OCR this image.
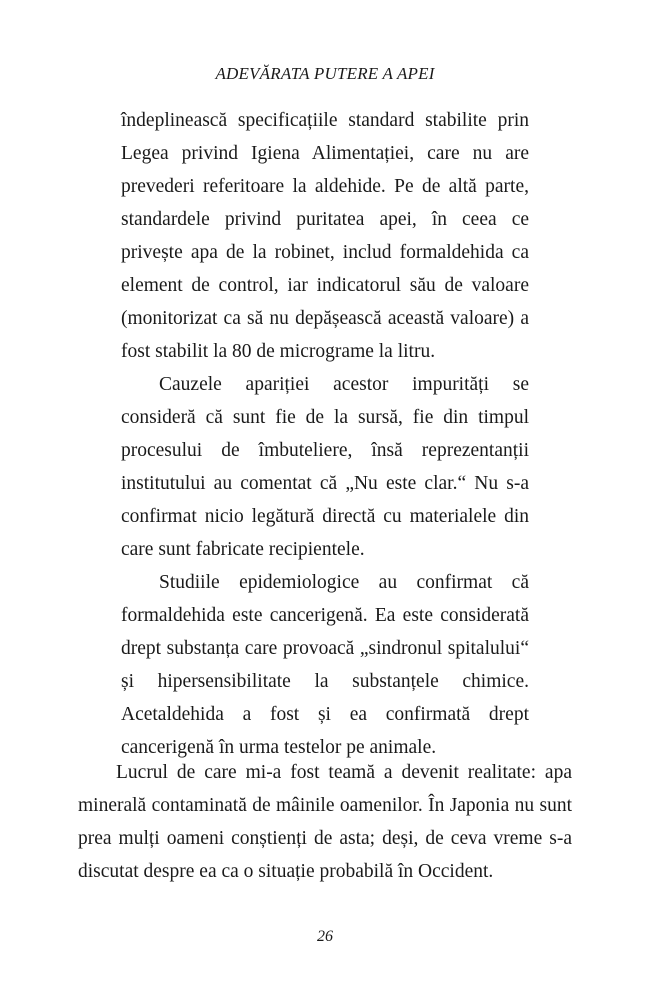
ADEVĂRATA PUTERE A APEI

îndeplinească specificațiile standard stabilite prin Legea privind Igiena Alimentației, care nu are prevederi referitoare la aldehide. Pe de altă parte, standardele privind puritatea apei, în ceea ce privește apa de la robinet, includ formaldehida ca element de control, iar indicatorul său de valoare (monitorizat ca să nu depășească această valoare) a fost stabilit la 80 de micrograme la litru.

Cauzele apariției acestor impurități se consideră că sunt fie de la sursă, fie din timpul procesului de îmbuteliere, însă reprezentanții institutului au comentat că „Nu este clar.“ Nu s-a confirmat nicio legătură directă cu materialele din care sunt fabricate recipientele.

Studiile epidemiologice au confirmat că formaldehida este cancerigenă. Ea este considerată drept substanța care provoacă „sindronul spitalului“ și hipersensibilitate la substanțele chimice. Acetaldehida a fost și ea confirmată drept cancerigenă în urma testelor pe animale.

Lucrul de care mi-a fost teamă a devenit realitate: apa minerală contaminată de mâinile oamenilor. În Japonia nu sunt prea mulți oameni conștienți de asta; deși, de ceva vreme s-a discutat despre ea ca o situație probabilă în Occident.

26
